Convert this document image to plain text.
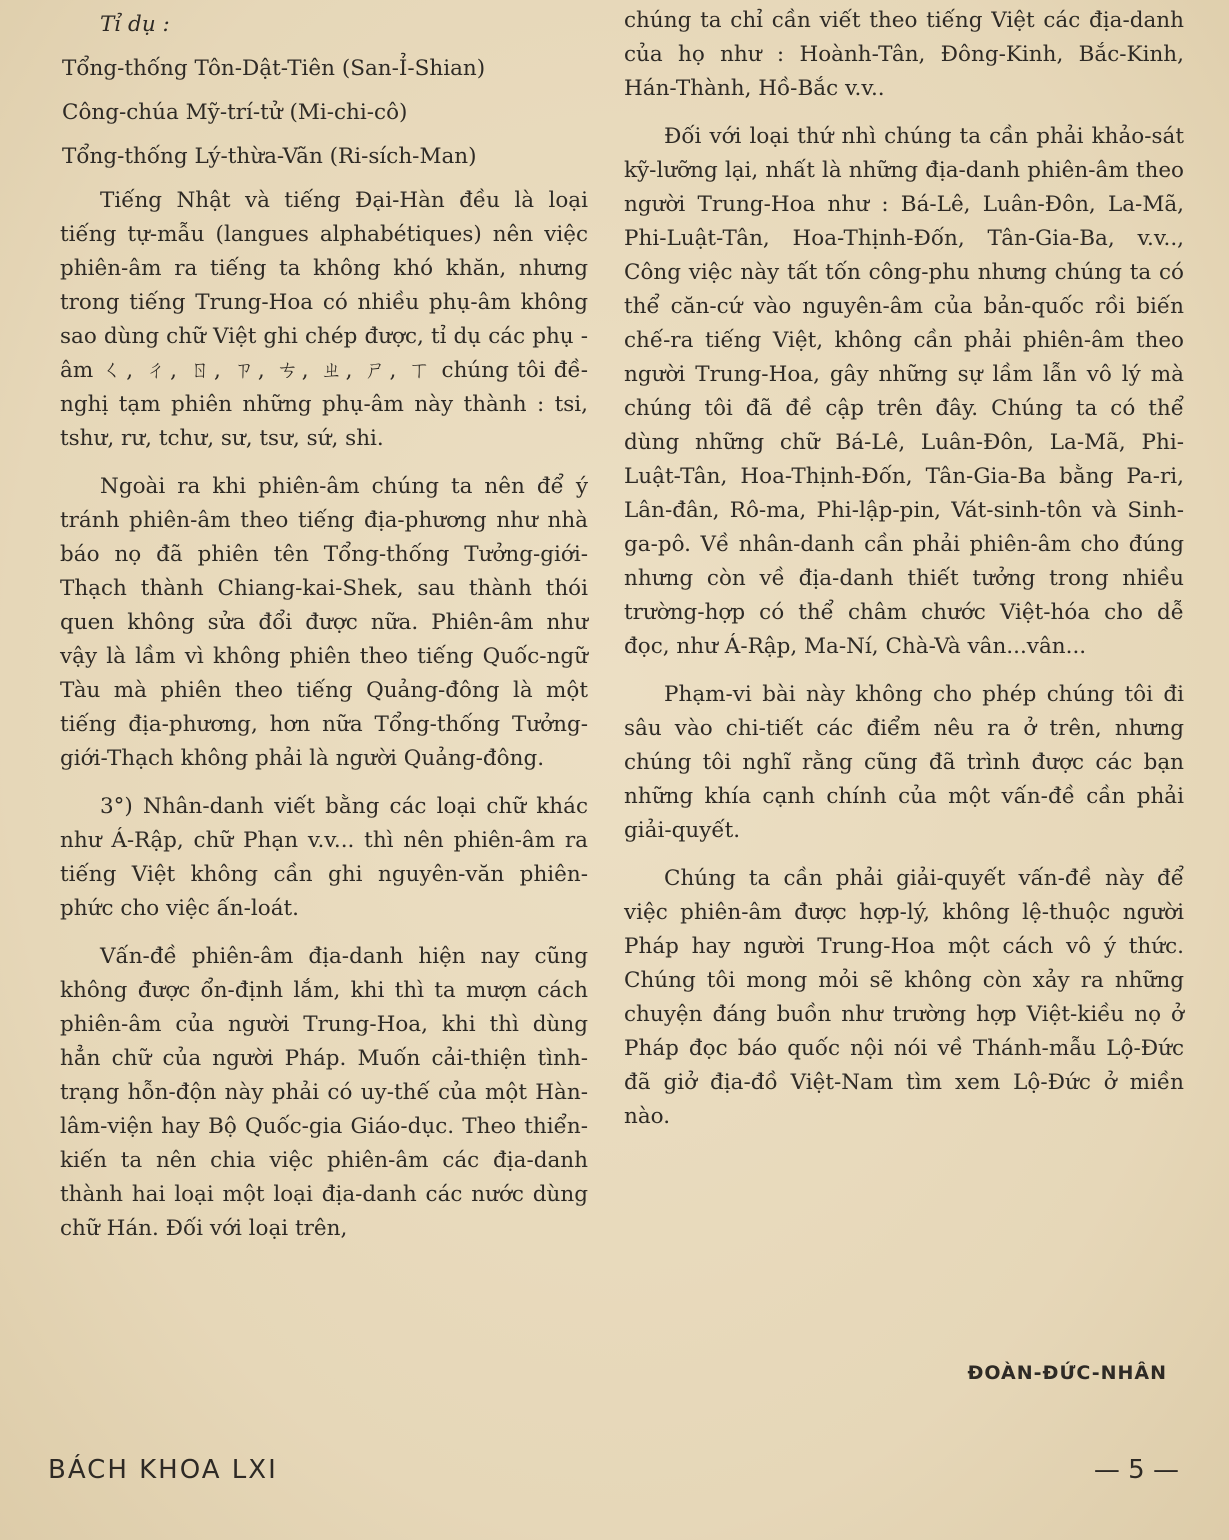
Tỉ dụ :
Tổng-thống Tôn-Dật-Tiên (San-Ỉ-Shian)
Công-chúa Mỹ-trí-tử (Mi-chi-cô)
Tổng-thống Lý-thừa-Vãn (Ri-sích-Man)

Tiếng Nhật và tiếng Đại-Hàn đều là loại tiếng tự-mẫu (langues alphabétiques) nên việc phiên-âm ra tiếng ta không khó khăn, nhưng trong tiếng Trung-Hoa có nhiều phụ-âm không sao dùng chữ Việt ghi chép được, tỉ dụ các phụ - âm ㄑ, ㄔ, ㄖ, ㄗ, ㄘ, ㄓ, ㄕ, ㄒ chúng tôi đề-nghị tạm phiên những phụ-âm này thành : tsi, tshư, rư, tchư, sư, tsư, sứ, shi.

Ngoài ra khi phiên-âm chúng ta nên để ý tránh phiên-âm theo tiếng địa-phương như nhà báo nọ đã phiên tên Tổng-thống Tưởng-giới-Thạch thành Chiang-kai-Shek, sau thành thói quen không sửa đổi được nữa. Phiên-âm như vậy là lầm vì không phiên theo tiếng Quốc-ngữ Tàu mà phiên theo tiếng Quảng-đông là một tiếng địa-phương, hơn nữa Tổng-thống Tưởng-giới-Thạch không phải là người Quảng-đông.

3°) Nhân-danh viết bằng các loại chữ khác như Á-Rập, chữ Phạn v.v... thì nên phiên-âm ra tiếng Việt không cần ghi nguyên-văn phiên-phức cho việc ấn-loát.

Vấn-đề phiên-âm địa-danh hiện nay cũng không được ổn-định lắm, khi thì ta mượn cách phiên-âm của người Trung-Hoa, khi thì dùng hẳn chữ của người Pháp. Muốn cải-thiện tình-trạng hỗn-độn này phải có uy-thế của một Hàn-lâm-viện hay Bộ Quốc-gia Giáo-dục. Theo thiển-kiến ta nên chia việc phiên-âm các địa-danh thành hai loại một loại địa-danh các nước dùng chữ Hán. Đối với loại trên,

chúng ta chỉ cần viết theo tiếng Việt các địa-danh của họ như : Hoành-Tân, Đông-Kinh, Bắc-Kinh, Hán-Thành, Hồ-Bắc v.v..

Đối với loại thứ nhì chúng ta cần phải khảo-sát kỹ-lưỡng lại, nhất là những địa-danh phiên-âm theo người Trung-Hoa như : Bá-Lê, Luân-Đôn, La-Mã, Phi-Luật-Tân, Hoa-Thịnh-Đốn, Tân-Gia-Ba, v.v.., Công việc này tất tốn công-phu nhưng chúng ta có thể căn-cứ vào nguyên-âm của bản-quốc rồi biến chế-ra tiếng Việt, không cần phải phiên-âm theo người Trung-Hoa, gây những sự lầm lẫn vô lý mà chúng tôi đã đề cập trên đây. Chúng ta có thể dùng những chữ Bá-Lê, Luân-Đôn, La-Mã, Phi-Luật-Tân, Hoa-Thịnh-Đốn, Tân-Gia-Ba bằng Pa-ri, Lân-đân, Rô-ma, Phi-lập-pin, Vát-sinh-tôn và Sinh-ga-pô. Về nhân-danh cần phải phiên-âm cho đúng nhưng còn về địa-danh thiết tưởng trong nhiều trường-hợp có thể châm chước Việt-hóa cho dễ đọc, như Á-Rập, Ma-Ní, Chà-Và vân...vân...

Phạm-vi bài này không cho phép chúng tôi đi sâu vào chi-tiết các điểm nêu ra ở trên, nhưng chúng tôi nghĩ rằng cũng đã trình được các bạn những khía cạnh chính của một vấn-đề cần phải giải-quyết.

Chúng ta cần phải giải-quyết vấn-đề này để việc phiên-âm được hợp-lý, không lệ-thuộc người Pháp hay người Trung-Hoa một cách vô ý thức. Chúng tôi mong mỏi sẽ không còn xảy ra những chuyện đáng buồn như trường hợp Việt-kiều nọ ở Pháp đọc báo quốc nội nói về Thánh-mẫu Lộ-Đức đã giở địa-đồ Việt-Nam tìm xem Lộ-Đức ở miền nào.

ĐOÀN-ĐỨC-NHÂN
BÁCH KHOA LXI	— 5 —
